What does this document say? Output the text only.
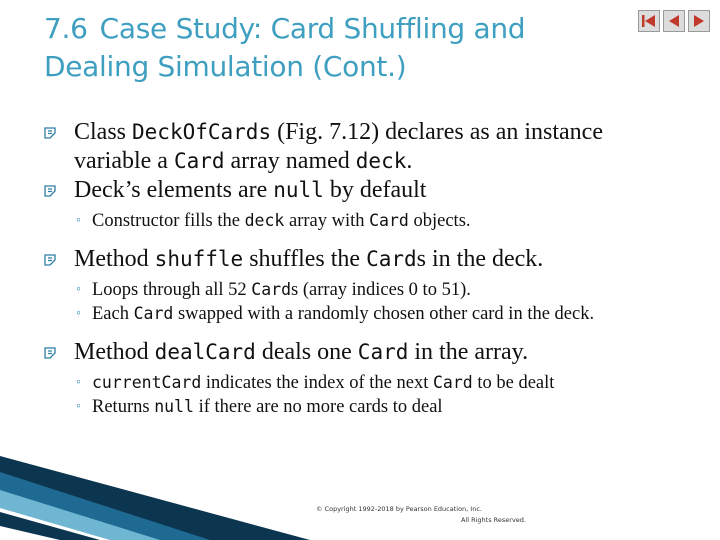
7.6 Case Study: Card Shuffling and
Dealing Simulation (Cont.)

Class DeckOfCards (Fig. 7.12) declares as an instance variable a Card array named deck.

Deck’s elements are null by default

◦ Constructor fills the deck array with Card objects.

Method shuffle shuffles the Cards in the deck.

◦ Loops through all 52 Cards (array indices 0 to 51).

◦ Each Card swapped with a randomly chosen other card in the deck.

Method dealCard deals one Card in the array.

◦ currentCard indicates the index of the next Card to be dealt

◦ Returns null if there are no more cards to deal

© Copyright 1992-2018 by Pearson Education, Inc.
All Rights Reserved.
